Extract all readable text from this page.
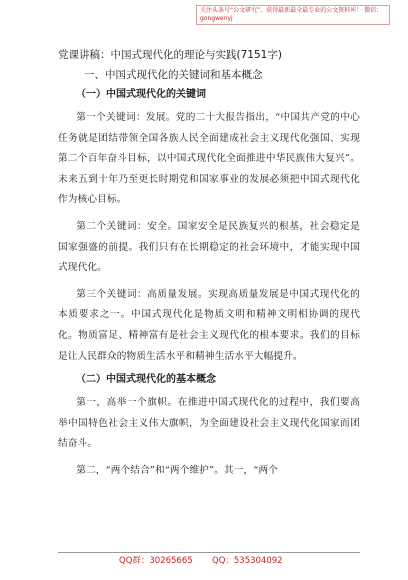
关注头条号“公文研究”，获得最新最全最专业的公文资料库！ 微信：gongwenyj
党课讲稿：中国式现代化的理论与实践(7151字)
一、中国式现代化的关键词和基本概念
（一）中国式现代化的关键词

第一个关键词：发展。党的二十大报告指出，“中国共产党的中心任务就是团结带领全国各族人民全面建成社会主义现代化强国、实现第二个百年奋斗目标，以中国式现代化全面推进中华民族伟大复兴”。未来五到十年乃至更长时期党和国家事业的发展必须把中国式现代化作为核心目标。

第二个关键词：安全。国家安全是民族复兴的根基，社会稳定是国家强盛的前提。我们只有在长期稳定的社会环境中，才能实现中国式现代化。

第三个关键词：高质量发展。实现高质量发展是中国式现代化的本质要求之一。中国式现代化是物质文明和精神文明相协调的现代化。物质富足、精神富有是社会主义现代化的根本要求。我们的目标是让人民群众的物质生活水平和精神生活水平大幅提升。

（二）中国式现代化的基本概念

第一，高举一个旗帜。在推进中国式现代化的过程中，我们要高举中国特色社会主义伟大旗帜，为全面建设社会主义现代化国家而团结奋斗。

第二，“两个结合”和“两个维护”。其一，“两个

QQ群：30265665 QQ：535304092
